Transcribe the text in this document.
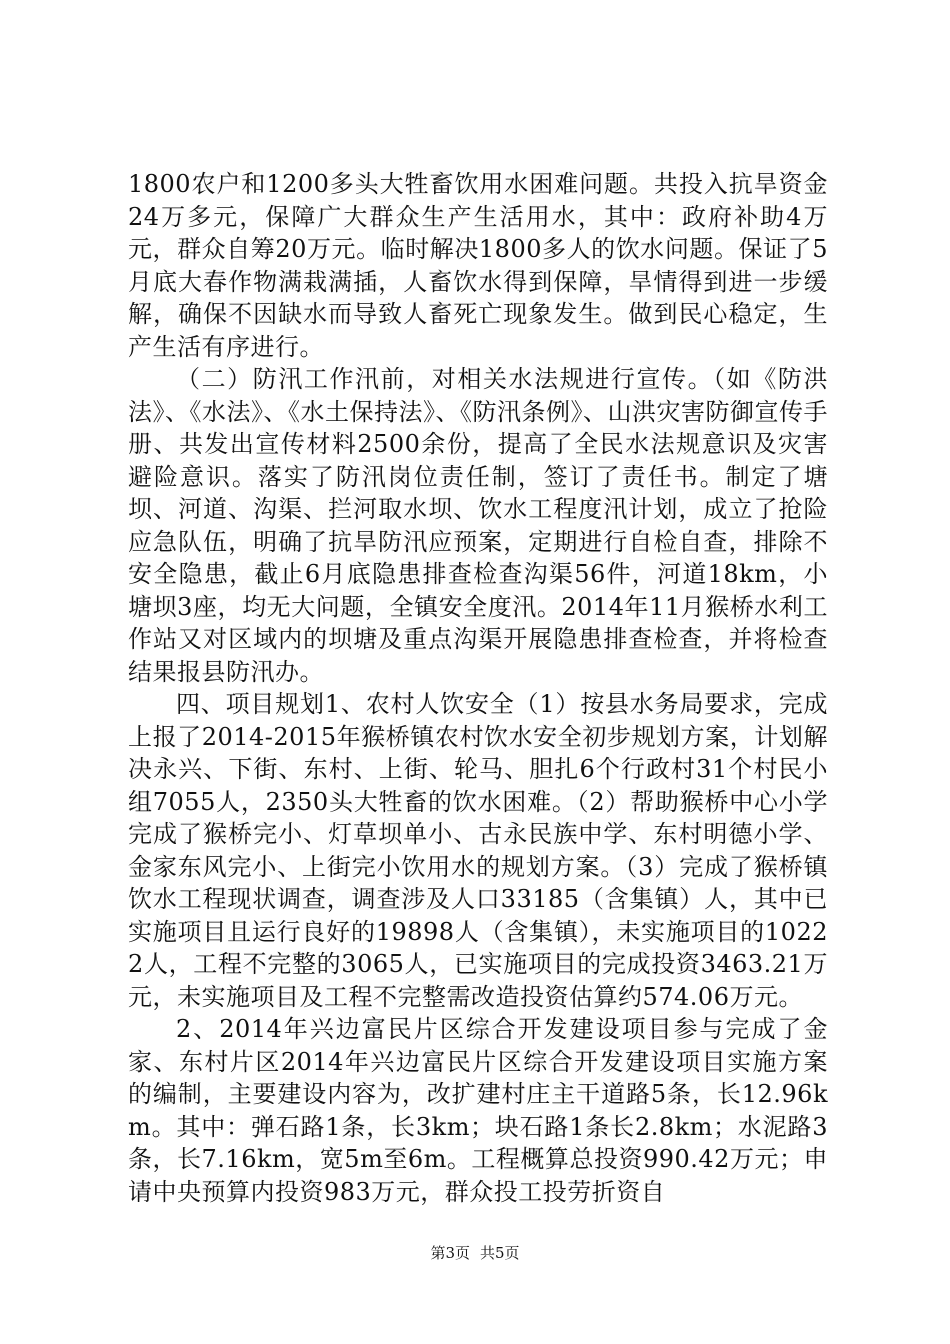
1800农户和1200多头大牲畜饮用水困难问题。共投入抗旱资金24万多元，保障广大群众生产生活用水，其中：政府补助4万元，群众自筹20万元。临时解决1800多人的饮水问题。保证了5月底大春作物满栽满插，人畜饮水得到保障，旱情得到进一步缓解，确保不因缺水而导致人畜死亡现象发生。做到民心稳定，生产生活有序进行。

（二）防汛工作汛前，对相关水法规进行宣传。（如《防洪法》、《水法》、《水土保持法》、《防汛条例》、山洪灾害防御宣传手册、共发出宣传材料2500余份，提高了全民水法规意识及灾害避险意识。落实了防汛岗位责任制，签订了责任书。制定了塘坝、河道、沟渠、拦河取水坝、饮水工程度汛计划，成立了抢险应急队伍，明确了抗旱防汛应预案，定期进行自检自查，排除不安全隐患，截止6月底隐患排查检查沟渠56件，河道18km，小塘坝3座，均无大问题，全镇安全度汛。2014年11月猴桥水利工作站又对区域内的坝塘及重点沟渠开展隐患排查检查，并将检查结果报县防汛办。

四、项目规划1、农村人饮安全（1）按县水务局要求，完成上报了2014-2015年猴桥镇农村饮水安全初步规划方案，计划解决永兴、下街、东村、上街、轮马、胆扎6个行政村31个村民小组7055人，2350头大牲畜的饮水困难。（2）帮助猴桥中心小学完成了猴桥完小、灯草坝单小、古永民族中学、东村明德小学、金家东风完小、上街完小饮用水的规划方案。（3）完成了猴桥镇饮水工程现状调查，调查涉及人口33185（含集镇）人，其中已实施项目且运行良好的19898人（含集镇），未实施项目的10222人，工程不完整的3065人，已实施项目的完成投资3463.21万元，未实施项目及工程不完整需改造投资估算约574.06万元。

2、2014年兴边富民片区综合开发建设项目参与完成了金家、东村片区2014年兴边富民片区综合开发建设项目实施方案的编制，主要建设内容为，改扩建村庄主干道路5条，长12.96km。其中：弹石路1条，长3km；块石路1条长2.8km；水泥路3条，长7.16km，宽5m至6m。工程概算总投资990.42万元；申请中央预算内投资983万元，群众投工投劳折资自

第3页 共5页
